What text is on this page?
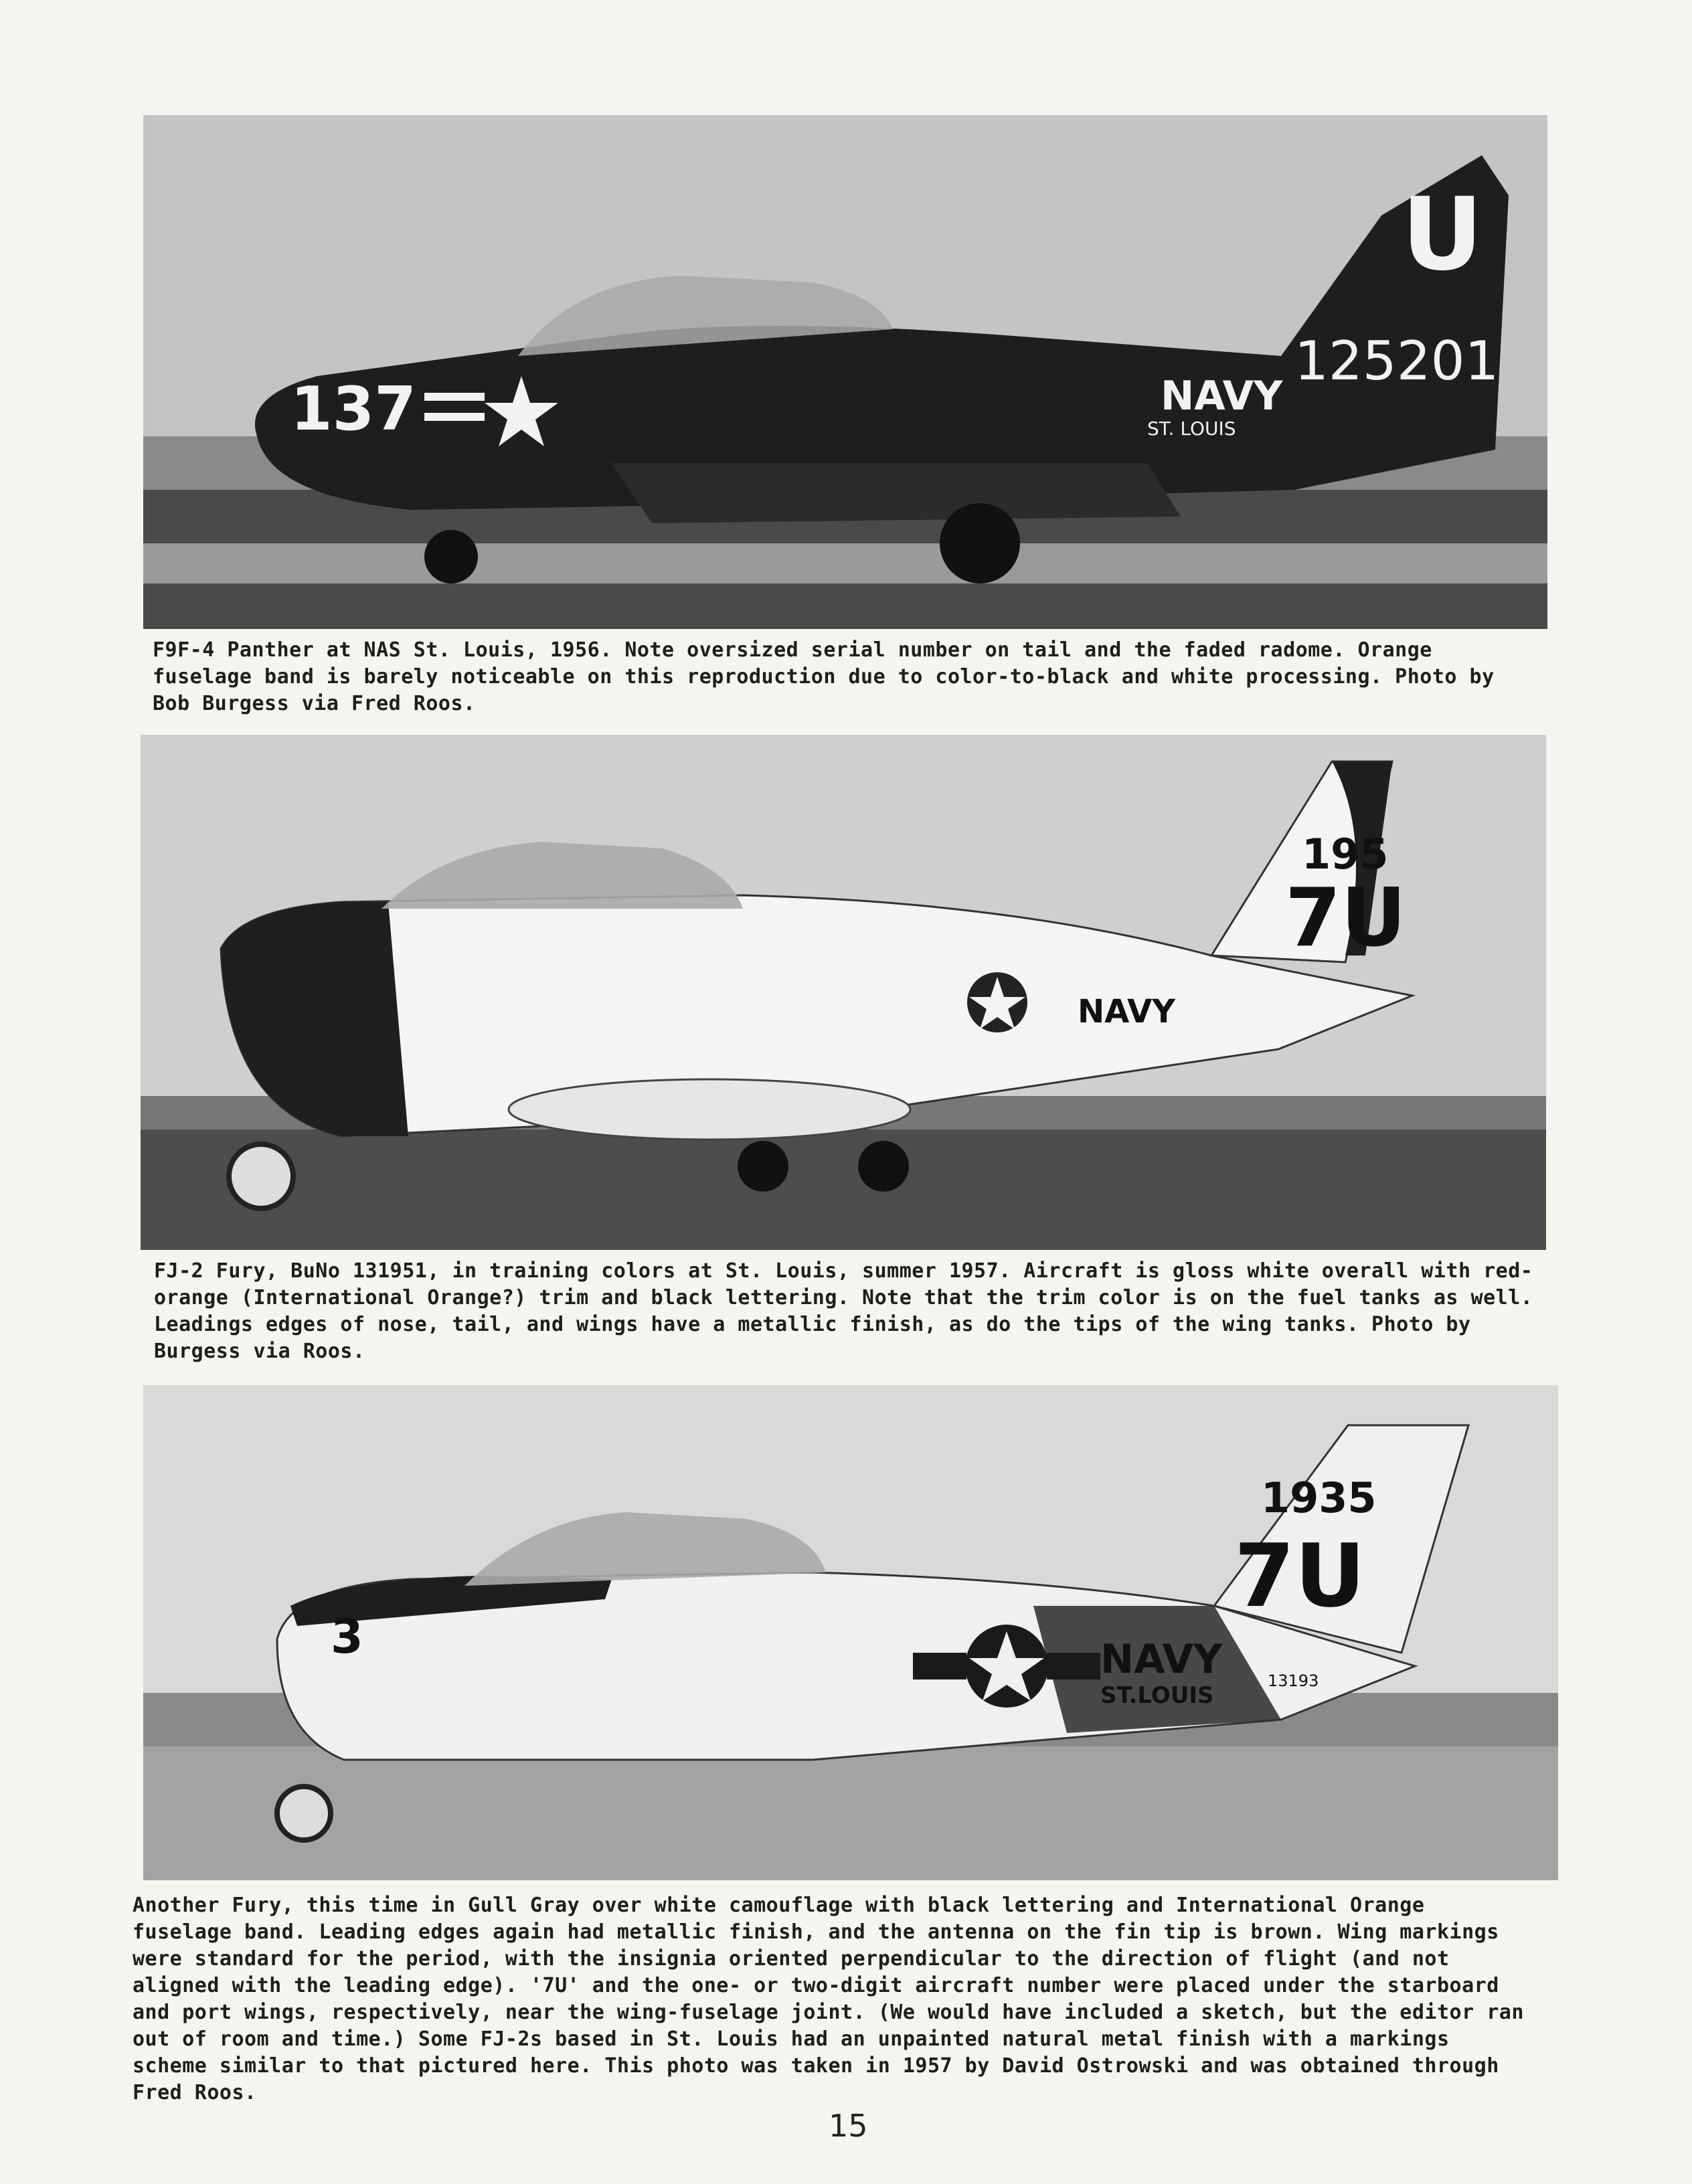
137
U
125201
NAVY
ST. LOUIS

F9F-4 Panther at NAS St. Louis, 1956. Note oversized serial number on tail and the faded radome. Orange fuselage band is barely noticeable on this reproduction due to color-to-black and white processing. Photo by Bob Burgess via Fred Roos.

195
7U
NAVY

FJ-2 Fury, BuNo 131951, in training colors at St. Louis, summer 1957. Aircraft is gloss white overall with red-orange (International Orange?) trim and black lettering. Note that the trim color is on the fuel tanks as well. Leadings edges of nose, tail, and wings have a metallic finish, as do the tips of the wing tanks. Photo by Burgess via Roos.

1935
7U
3	NAVY
ST.LOUIS
13193

Another Fury, this time in Gull Gray over white camouflage with black lettering and International Orange fuselage band. Leading edges again had metallic finish, and the antenna on the fin tip is brown. Wing markings were standard for the period, with the insignia oriented perpendicular to the direction of flight (and not aligned with the leading edge). '7U' and the one- or two-digit aircraft number were placed under the starboard and port wings, respectively, near the wing-fuselage joint. (We would have included a sketch, but the editor ran out of room and time.) Some FJ-2s based in St. Louis had an unpainted natural metal finish with a markings scheme similar to that pictured here. This photo was taken in 1957 by David Ostrowski and was obtained through Fred Roos.

15
